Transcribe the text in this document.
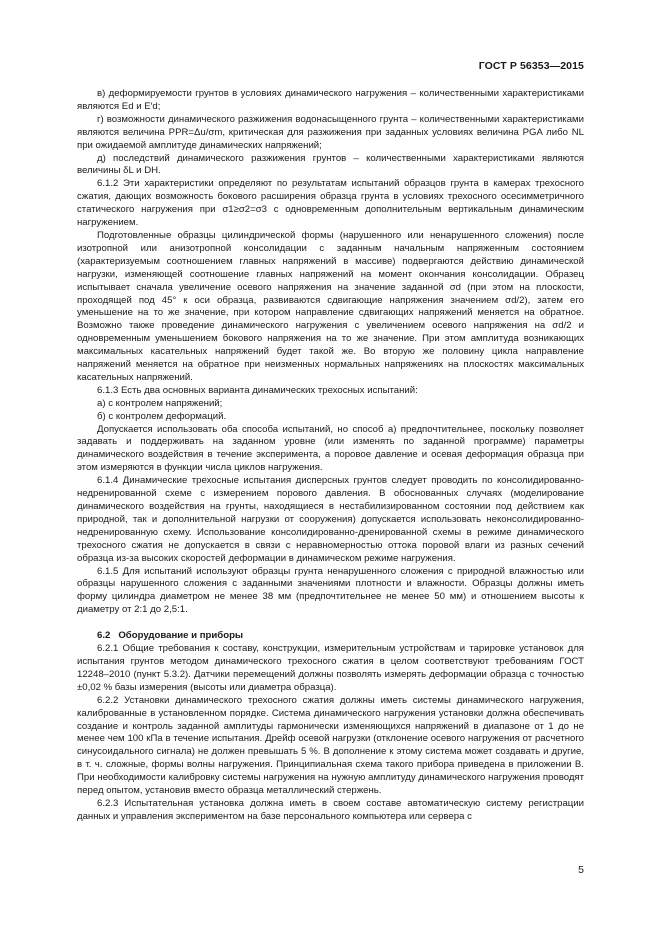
ГОСТ Р 56353—2015

в) деформируемости грунтов в условиях динамического нагружения – количественными характеристиками являются Ed и E′d;

г) возможности динамического разжижения водонасыщенного грунта – количественными характеристиками являются величина PPR=Δu/σm, критическая для разжижения при заданных условиях величина PGA либо NL при ожидаемой амплитуде динамических напряжений;

д) последствий динамического разжижения грунтов – количественными характеристиками являются величины δL и DH.

6.1.2 Эти характеристики определяют по результатам испытаний образцов грунта в камерах трехосного сжатия, дающих возможность бокового расширения образца грунта в условиях трехосного осесимметричного статического нагружения при σ1≥σ2=σ3 с одновременным дополнительным вертикальным динамическим нагружением.

Подготовленные образцы цилиндрической формы (нарушенного или ненарушенного сложения) после изотропной или анизотропной консолидации с заданным начальным напряженным состоянием (характеризуемым соотношением главных напряжений в массиве) подвергаются действию динамической нагрузки, изменяющей соотношение главных напряжений на момент окончания консолидации. Образец испытывает сначала увеличение осевого напряжения на значение заданной σd (при этом на плоскости, проходящей под 45° к оси образца, развиваются сдвигающие напряжения значением σd/2), затем его уменьшение на то же значение, при котором направление сдвигающих напряжений меняется на обратное. Возможно также проведение динамического нагружения с увеличением осевого напряжения на σd/2 и одновременным уменьшением бокового напряжения на то же значение. При этом амплитуда возникающих максимальных касательных напряжений будет такой же. Во вторую же половину цикла направление напряжений меняется на обратное при неизменных нормальных напряжениях на плоскостях максимальных касательных напряжений.

6.1.3 Есть два основных варианта динамических трехосных испытаний:

а) с контролем напряжений;

б) с контролем деформаций.

Допускается использовать оба способа испытаний, но способ а) предпочтительнее, поскольку позволяет задавать и поддерживать на заданном уровне (или изменять по заданной программе) параметры динамического воздействия в течение эксперимента, а поровое давление и осевая деформация образца при этом измеряются в функции числа циклов нагружения.

6.1.4 Динамические трехосные испытания дисперсных грунтов следует проводить по консолидированно-недренированной схеме с измерением порового давления. В обоснованных случаях (моделирование динамического воздействия на грунты, находящиеся в нестабилизированном состоянии под действием как природной, так и дополнительной нагрузки от сооружения) допускается использовать неконсолидированно-недренированную схему. Использование консолидированно-дренированной схемы в режиме динамического трехосного сжатия не допускается в связи с неравномерностью оттока поровой влаги из разных сечений образца из-за высоких скоростей деформации в динамическом режиме нагружения.

6.1.5 Для испытаний используют образцы грунта ненарушенного сложения с природной влажностью или образцы нарушенного сложения с заданными значениями плотности и влажности. Образцы должны иметь форму цилиндра диаметром не менее 38 мм (предпочтительнее не менее 50 мм) и отношением высоты к диаметру от 2:1 до 2,5:1.

6.2 Оборудование и приборы

6.2.1 Общие требования к составу, конструкции, измерительным устройствам и тарировке установок для испытания грунтов методом динамического трехосного сжатия в целом соответствуют требованиям ГОСТ 12248–2010 (пункт 5.3.2). Датчики перемещений должны позволять измерять деформации образца с точностью ±0,02 % базы измерения (высоты или диаметра образца).

6.2.2 Установки динамического трехосного сжатия должны иметь системы динамического нагружения, калиброванные в установленном порядке. Система динамического нагружения установки должна обеспечивать создание и контроль заданной амплитуды гармонически изменяющихся напряжений в диапазоне от 1 до не менее чем 100 кПа в течение испытания. Дрейф осевой нагрузки (отклонение осевого нагружения от расчетного синусоидального сигнала) не должен превышать 5 %. В дополнение к этому система может создавать и другие, в т. ч. сложные, формы волны нагружения. Принципиальная схема такого прибора приведена в приложении В. При необходимости калибровку системы нагружения на нужную амплитуду динамического нагружения проводят перед опытом, установив вместо образца металлический стержень.

6.2.3 Испытательная установка должна иметь в своем составе автоматическую систему регистрации данных и управления экспериментом на базе персонального компьютера или сервера с

5
